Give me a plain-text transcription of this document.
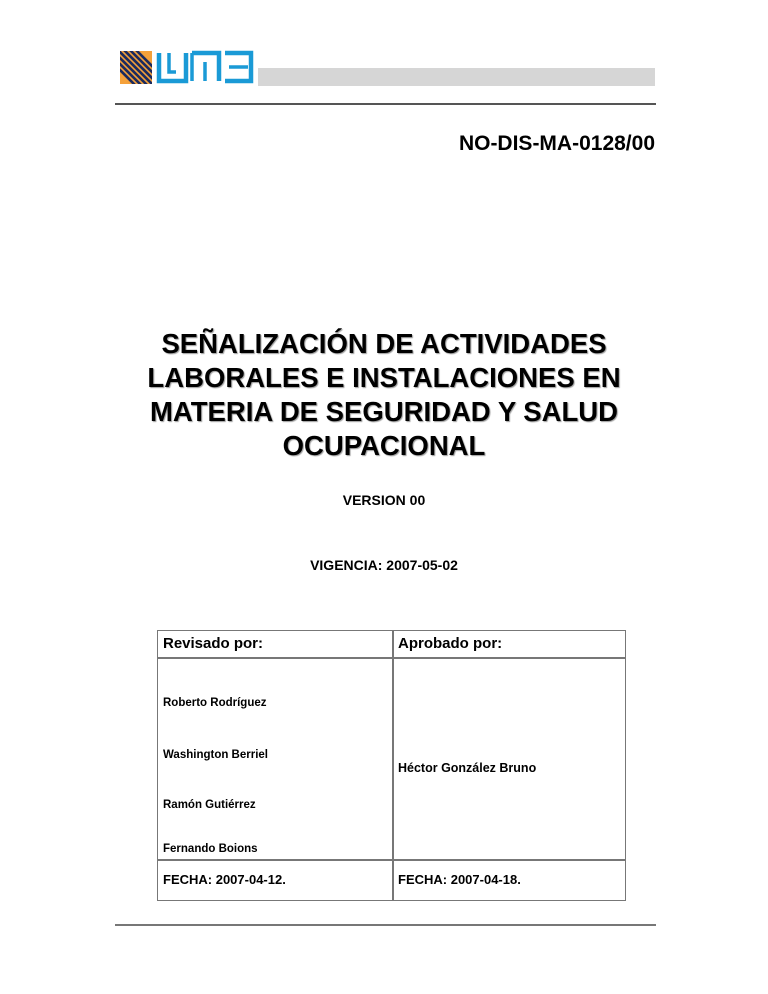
NO-DIS-MA-0128/00
SEÑALIZACIÓN DE ACTIVIDADES
LABORALES E INSTALACIONES EN
MATERIA DE SEGURIDAD Y SALUD
OCUPACIONAL
VERSION 00
VIGENCIA: 2007-05-02
Revisado por:	Aprobado por:
Roberto Rodríguez
Washington Berriel
Ramón Gutiérrez
Fernando Boions
Héctor González Bruno
FECHA: 2007-04-12.	FECHA: 2007-04-18.
